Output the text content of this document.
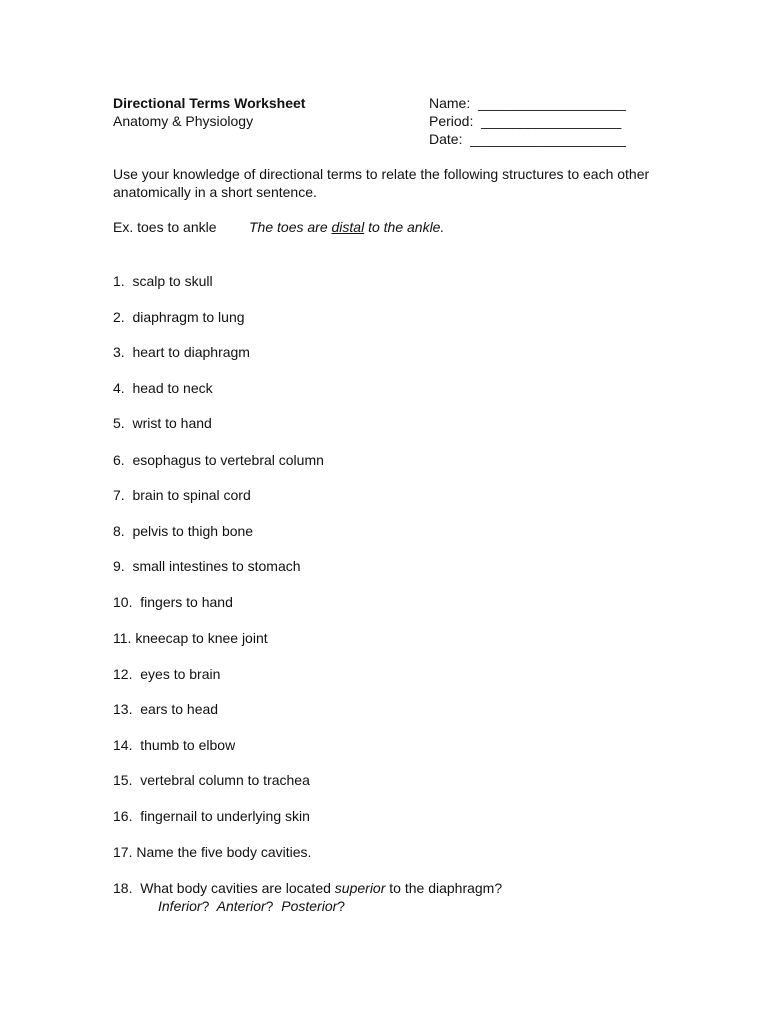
Directional Terms Worksheet
Anatomy & Physiology
Name: ___________________
Period: __________________
Date: ____________________
Use your knowledge of directional terms to relate the following structures to each other anatomically in a short sentence.
Ex. toes to ankle The toes are distal to the ankle.
1.  scalp to skull
2.  diaphragm to lung
3.  heart to diaphragm
4.  head to neck
5.  wrist to hand
6.  esophagus to vertebral column
7.  brain to spinal cord
8.  pelvis to thigh bone
9.  small intestines to stomach
10.  fingers to hand
11. kneecap to knee joint
12.  eyes to brain
13.  ears to head
14.  thumb to elbow
15.  vertebral column to trachea
16.  fingernail to underlying skin
17. Name the five body cavities.
18.  What body cavities are located superior to the diaphragm?
Inferior? Anterior? Posterior?
